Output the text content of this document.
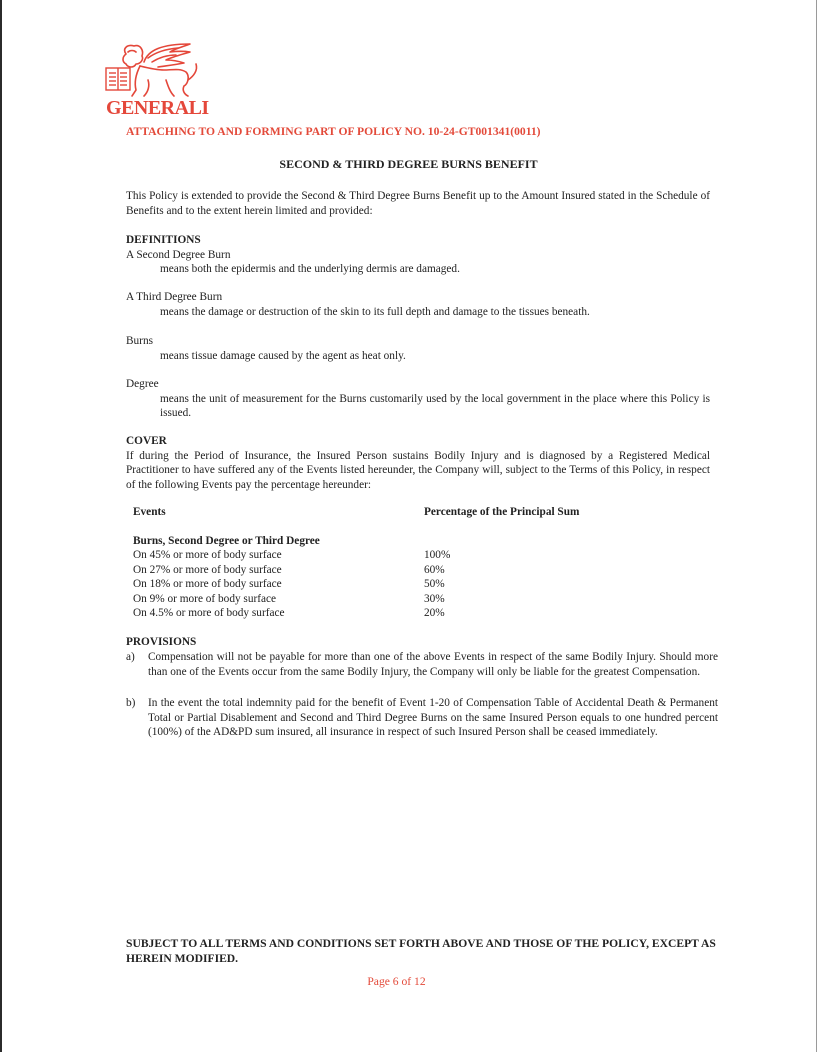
GENERALI
ATTACHING TO AND FORMING PART OF POLICY NO. 10-24-GT001341(0011)
SECOND & THIRD DEGREE BURNS BENEFIT
This Policy is extended to provide the Second & Third Degree Burns Benefit up to the Amount Insured stated in the Schedule of Benefits and to the extent herein limited and provided:
DEFINITIONS
A Second Degree Burn
means both the epidermis and the underlying dermis are damaged.
A Third Degree Burn
means the damage or destruction of the skin to its full depth and damage to the tissues beneath.
Burns
means tissue damage caused by the agent as heat only.
Degree
means the unit of measurement for the Burns customarily used by the local government in the place where this Policy is issued.
COVER
If during the Period of Insurance, the Insured Person sustains Bodily Injury and is diagnosed by a Registered Medical Practitioner to have suffered any of the Events listed hereunder, the Company will, subject to the Terms of this Policy, in respect of the following Events pay the percentage hereunder:
Events	Percentage of the Principal Sum
Burns, Second Degree or Third Degree
On 45% or more of body surface	100%
On 27% or more of body surface	60%
On 18% or more of body surface	50%
On 9% or more of body surface	30%
On 4.5% or more of body surface	20%
PROVISIONS
a) Compensation will not be payable for more than one of the above Events in respect of the same Bodily Injury. Should more than one of the Events occur from the same Bodily Injury, the Company will only be liable for the greatest Compensation.
b) In the event the total indemnity paid for the benefit of Event 1-20 of Compensation Table of Accidental Death & Permanent Total or Partial Disablement and Second and Third Degree Burns on the same Insured Person equals to one hundred percent (100%) of the AD&PD sum insured, all insurance in respect of such Insured Person shall be ceased immediately.
SUBJECT TO ALL TERMS AND CONDITIONS SET FORTH ABOVE AND THOSE OF THE POLICY, EXCEPT AS HEREIN MODIFIED.
Page 6 of 12
